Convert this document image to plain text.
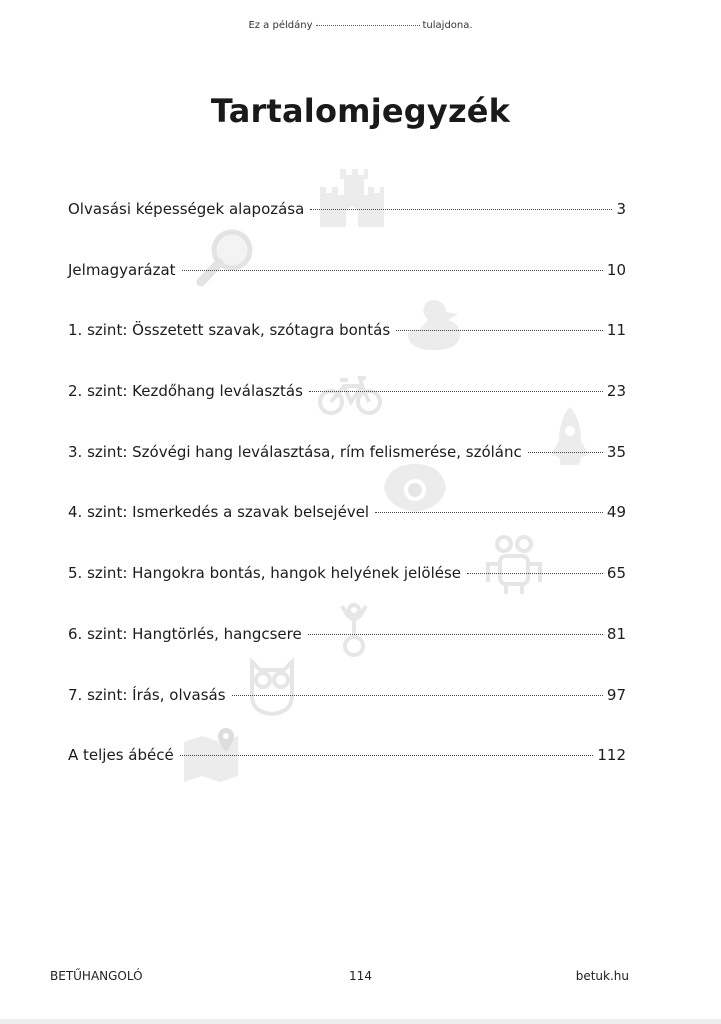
Ez a példány	tulajdona.
Tartalomjegyzék
Olvasási képességek alapozása	3
Jelmagyarázat	10
1. szint: Összetett szavak, szótagra bontás	11
2. szint: Kezdőhang leválasztás	23
3. szint: Szóvégi hang leválasztása, rím felismerése, szólánc	35
4. szint: Ismerkedés a szavak belsejével	49
5. szint: Hangokra bontás, hangok helyének jelölése	65
6. szint: Hangtörlés, hangcsere	81
7. szint: Írás, olvasás	97
A teljes ábécé	112
BETŰHANGOLÓ	114	betuk.hu
